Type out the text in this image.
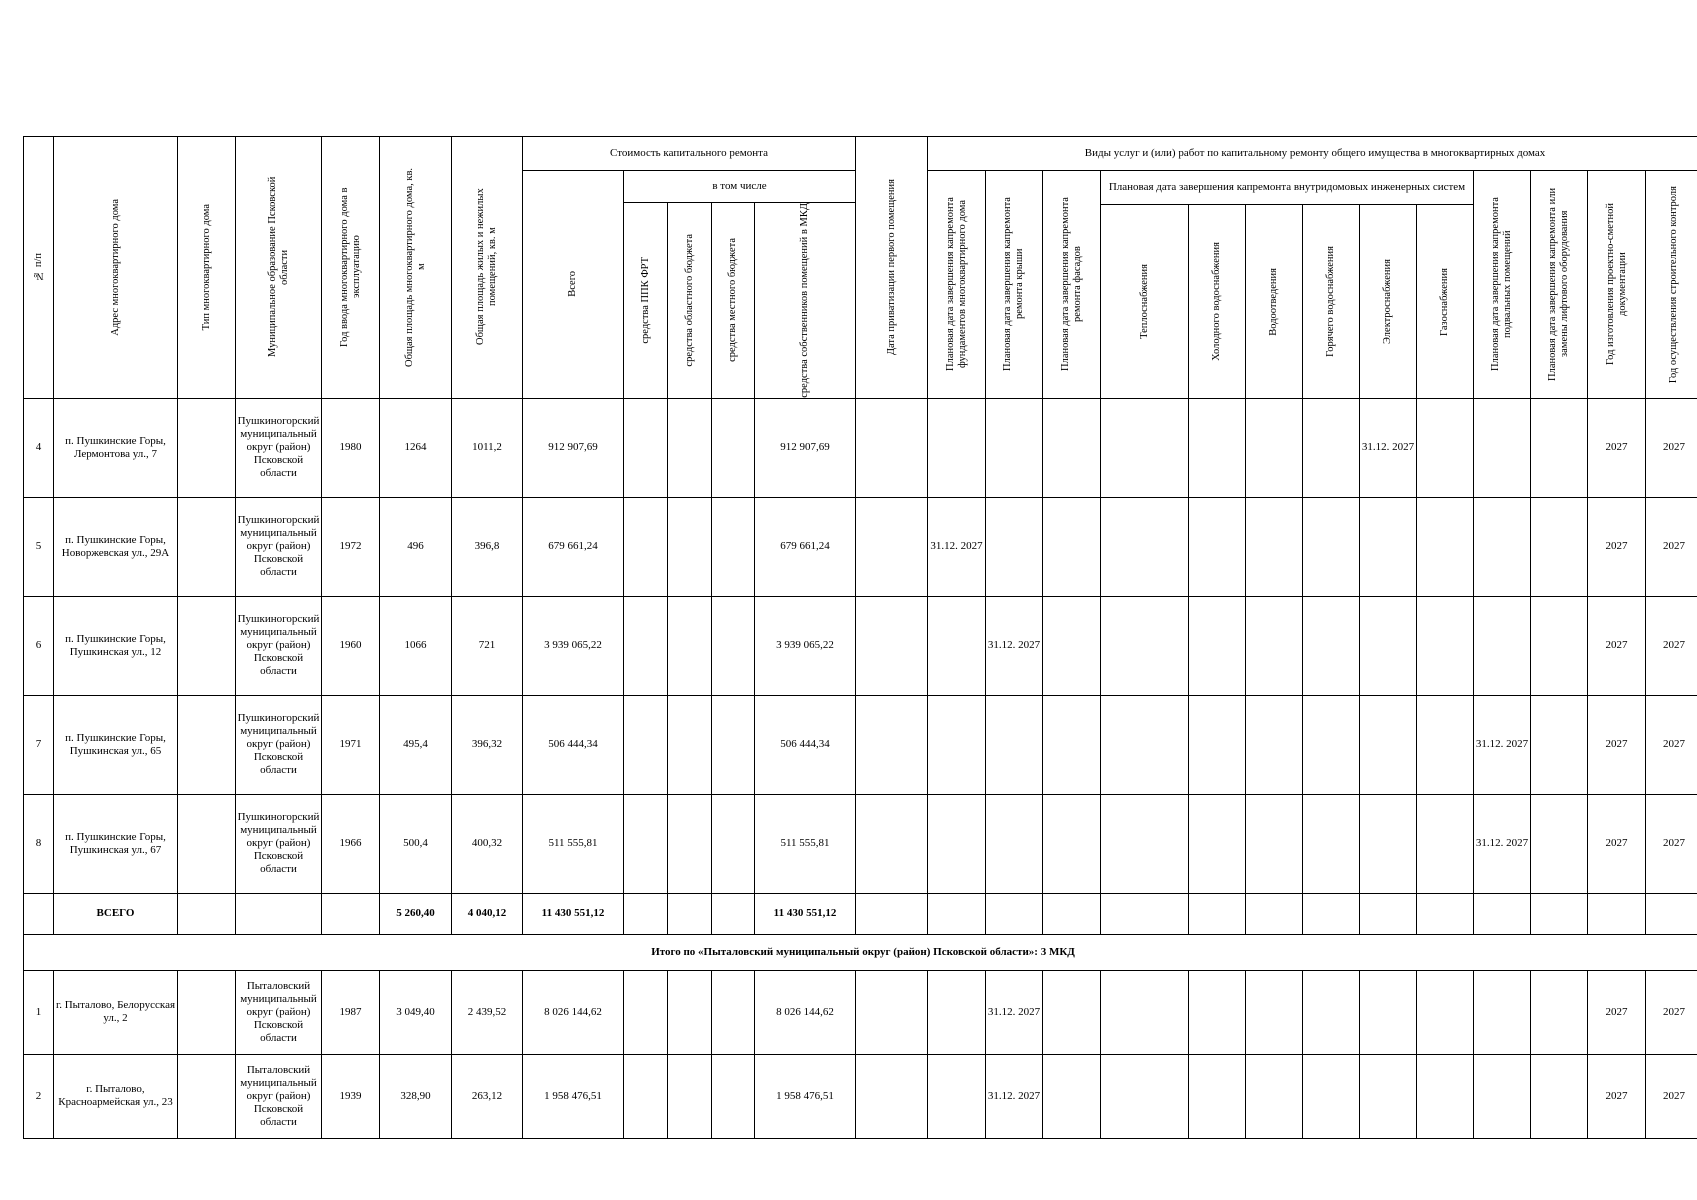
№ п/п	Адрес многоквартирного дома	Тип многоквартирного дома	Муниципальное образование Псковской области	Год ввода многоквартирного дома в эксплуатацию	Общая площадь многоквартирного дома, кв. м	Общая площадь жилых и нежилых помещений, кв. м	Стоимость капитального ремонта					Дата приватизации первого помещения	Виды услуг и (или) работ по капитальному ремонту общего имущества в многоквартирных домах												

							Всего	в том числе					Плановая дата завершения капремонта фундаментов многоквартирного дома	Плановая дата завершения капремонта ремонта крыши	Плановая дата завершения капремонта ремонта фасадов	Плановая дата завершения капремонта внутридомовых инженерных систем						Плановая дата завершения капремонта подвальных помещений	Плановая дата завершения капремонта или замены лифтового оборудования	Год изготовления проектно-сметной документации	Год осуществления строительного контроля

								средства ППК ФРТ	средства областного бюджета	средства местного бюджета	средства собственников помещений в МКД														

																Теплоснабжения	Холодного водоснабжения	Водоотведения	Горячего водоснабжения	Электроснабжения	Газоснабжения				

4	п. Пушкинские Горы, Лермонтова ул., 7		Пушкиногорский муниципальный округ (район) Псковской области	1980	1264	1011,2	912 907,69				912 907,69									31.12. 2027				2027	2027
5	п. Пушкинские Горы, Новоржевская ул., 29А		Пушкиногорский муниципальный округ (район) Псковской области	1972	496	396,8	679 661,24				679 661,24		31.12. 2027											2027	2027
6	п. Пушкинские Горы, Пушкинская ул., 12		Пушкиногорский муниципальный округ (район) Псковской области	1960	1066	721	3 939 065,22				3 939 065,22			31.12. 2027										2027	2027
7	п. Пушкинские Горы, Пушкинская ул., 65		Пушкиногорский муниципальный округ (район) Псковской области	1971	495,4	396,32	506 444,34				506 444,34											31.12. 2027		2027	2027
8	п. Пушкинские Горы, Пушкинская ул., 67		Пушкиногорский муниципальный округ (район) Псковской области	1966	500,4	400,32	511 555,81				511 555,81											31.12. 2027		2027	2027
	ВСЕГО				5 260,40	4 040,12	11 430 551,12				11 430 551,12														
Итого по «Пыталовский муниципальный округ (район) Псковской области»: 3 МКД																									
1	г. Пыталово, Белорусская ул., 2		Пыталовский муниципальный округ (район) Псковской области	1987	3 049,40	2 439,52	8 026 144,62				8 026 144,62			31.12. 2027										2027	2027
2	г. Пыталово, Красноармейская ул., 23		Пыталовский муниципальный округ (район) Псковской области	1939	328,90	263,12	1 958 476,51				1 958 476,51			31.12. 2027										2027	2027
